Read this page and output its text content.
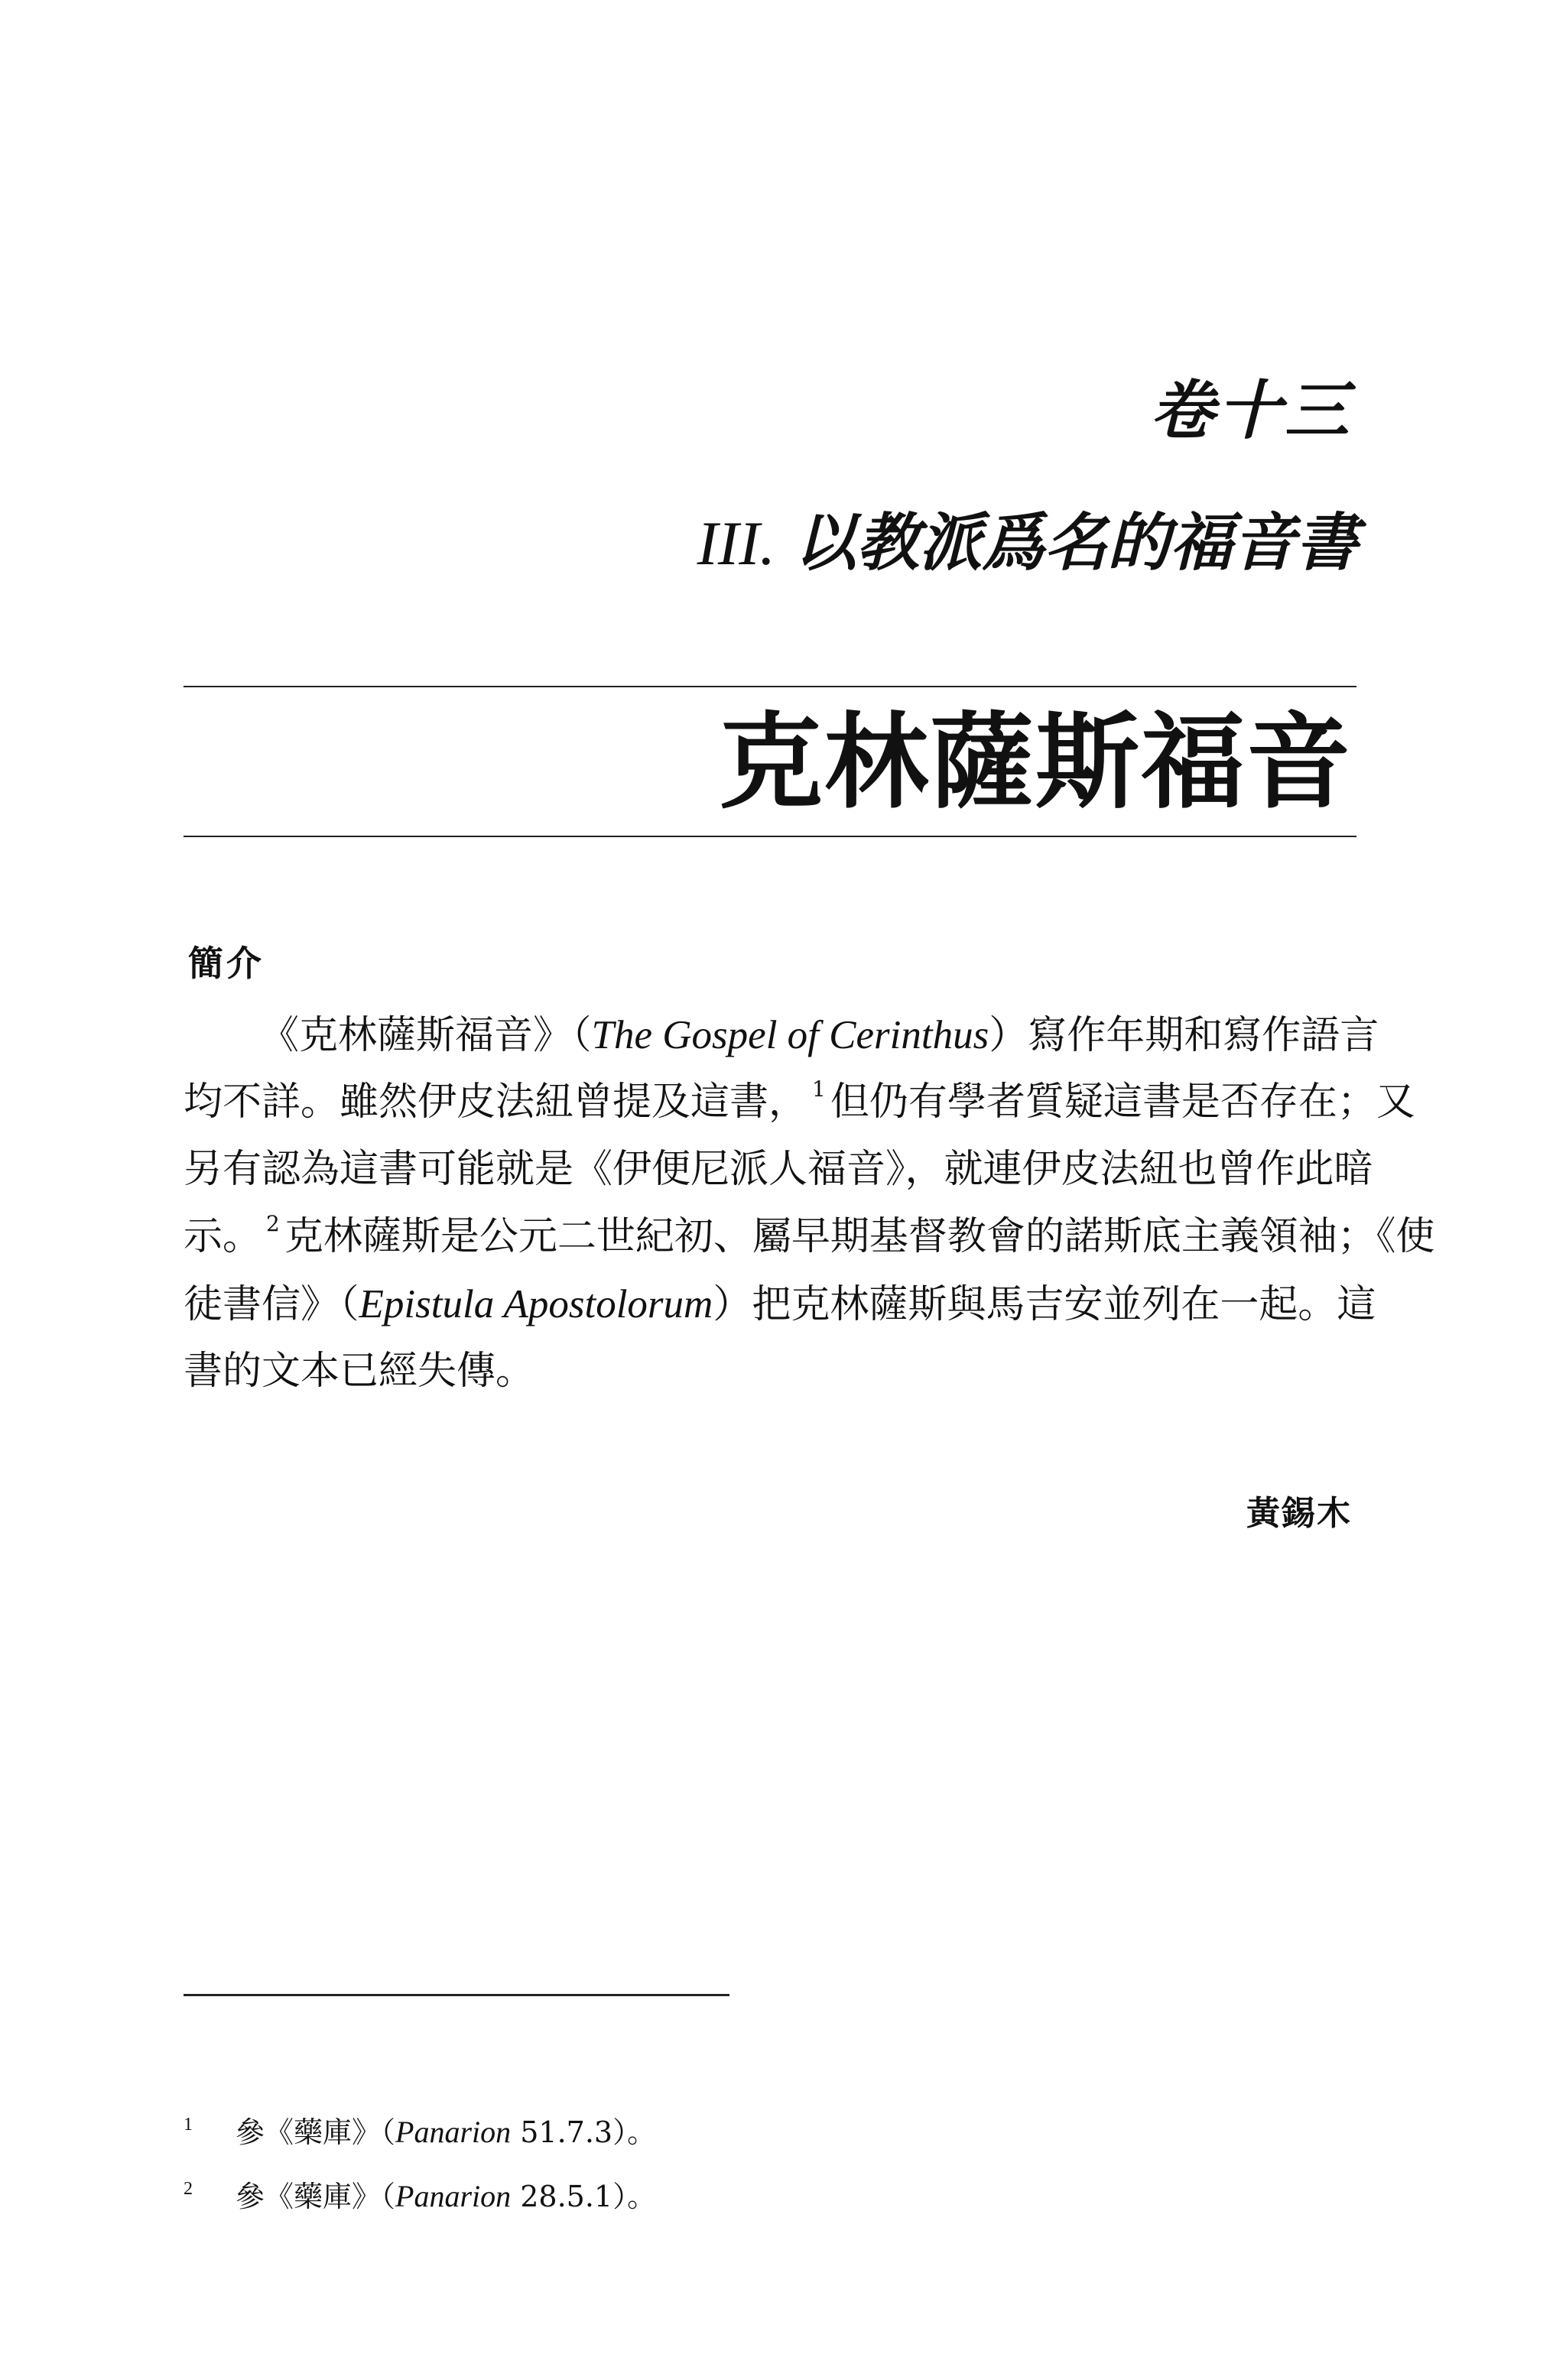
卷十三
III. 以教派爲名的福音書
克林薩斯福音
簡介
《克林薩斯福音》（The Gospel of Cerinthus）寫作年期和寫作語言
均不詳。雖然伊皮法紐曾提及這書， $^1$ 但仍有學者質疑這書是否存在；又
另有認為這書可能就是《伊便尼派人福音》，就連伊皮法紐也曾作此暗
示。 $^2$ 克林薩斯是公元二世紀初、屬早期基督教會的諾斯底主義領袖；《使
徒書信》（Epistula Apostolorum）把克林薩斯與馬吉安並列在一起。這
書的文本已經失傳。
黃錫木
1 參《藥庫》（Panarion 51.7.3）。
2 參《藥庫》（Panarion 28.5.1）。
